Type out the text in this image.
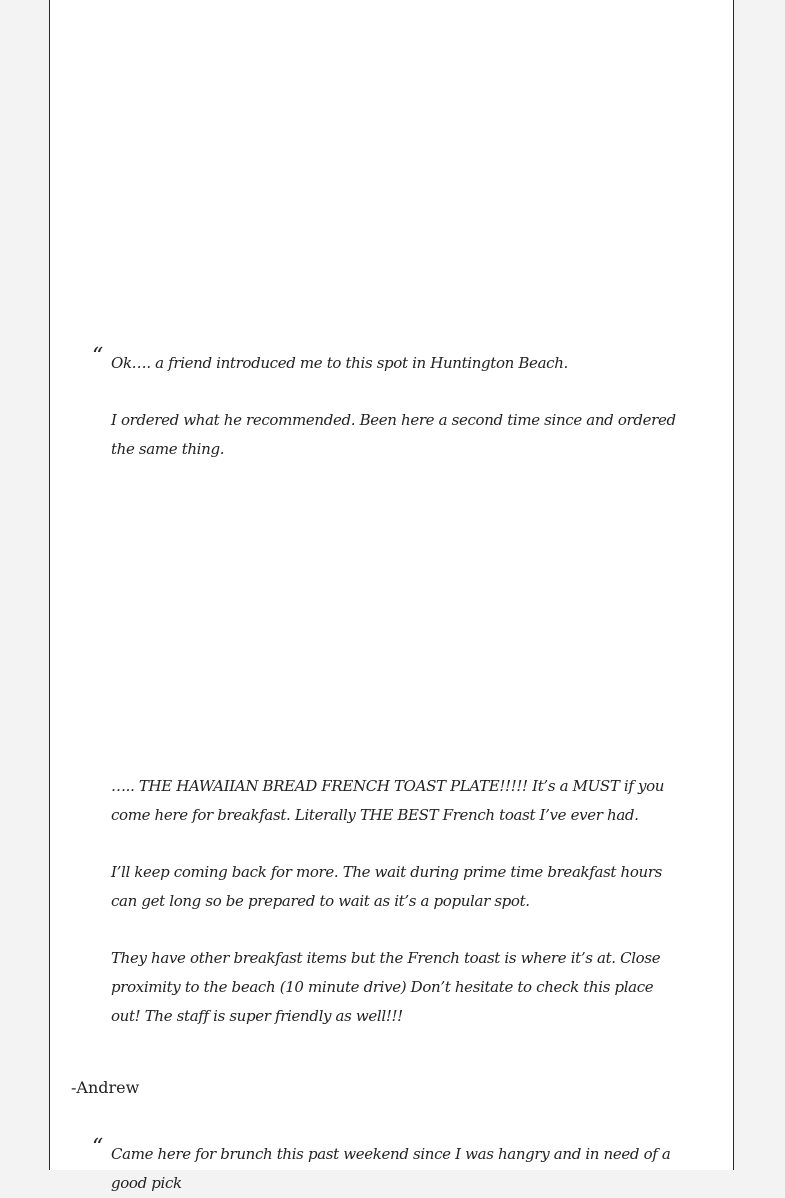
“ Ok…. a friend introduced me to this spot in Huntington Beach.

I ordered what he recommended. Been here a second time since and ordered the same thing.

….. THE HAWAIIAN BREAD FRENCH TOAST PLATE!!!!! It’s a MUST if you come here for breakfast. Literally THE BEST French toast I’ve ever had.

I’ll keep coming back for more. The wait during prime time breakfast hours can get long so be prepared to wait as it’s a popular spot.

They have other breakfast items but the French toast is where it’s at. Close proximity to the beach (10 minute drive) Don’t hesitate to check this place out! The staff is super friendly as well!!!

-Andrew

“ Came here for brunch this past weekend since I was hangry and in need of a good pick
